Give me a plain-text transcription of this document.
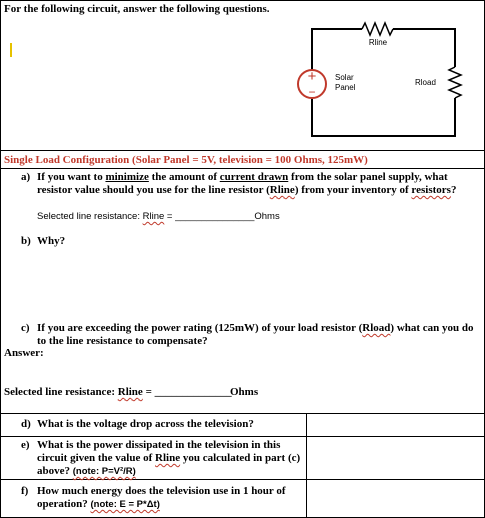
For the following circuit, answer the following questions.
+
−
Rline
Solar
Panel
Rload
Single Load Configuration (Solar Panel = 5V, television = 100 Ohms, 125mW)
a) If you want to minimize the amount of current drawn from the solar panel supply, what
resistor value should you use for the line resistor (Rline) from your inventory of resistors?
Selected line resistance: Rline = _______________Ohms
b) Why?
c) If you are exceeding the power rating (125mW) of your load resistor (Rload) what can you do
to the line resistance to compensate?
Answer:
Selected line resistance: Rline = ______________
Ohms
d) What is the voltage drop across the television?
e) What is the power dissipated in the television in this
circuit given the value of Rline you calculated in part (c)
above? (note: P=V²/R)
f) How much energy does the television use in 1 hour of
operation? (note: E = P*Δt)
